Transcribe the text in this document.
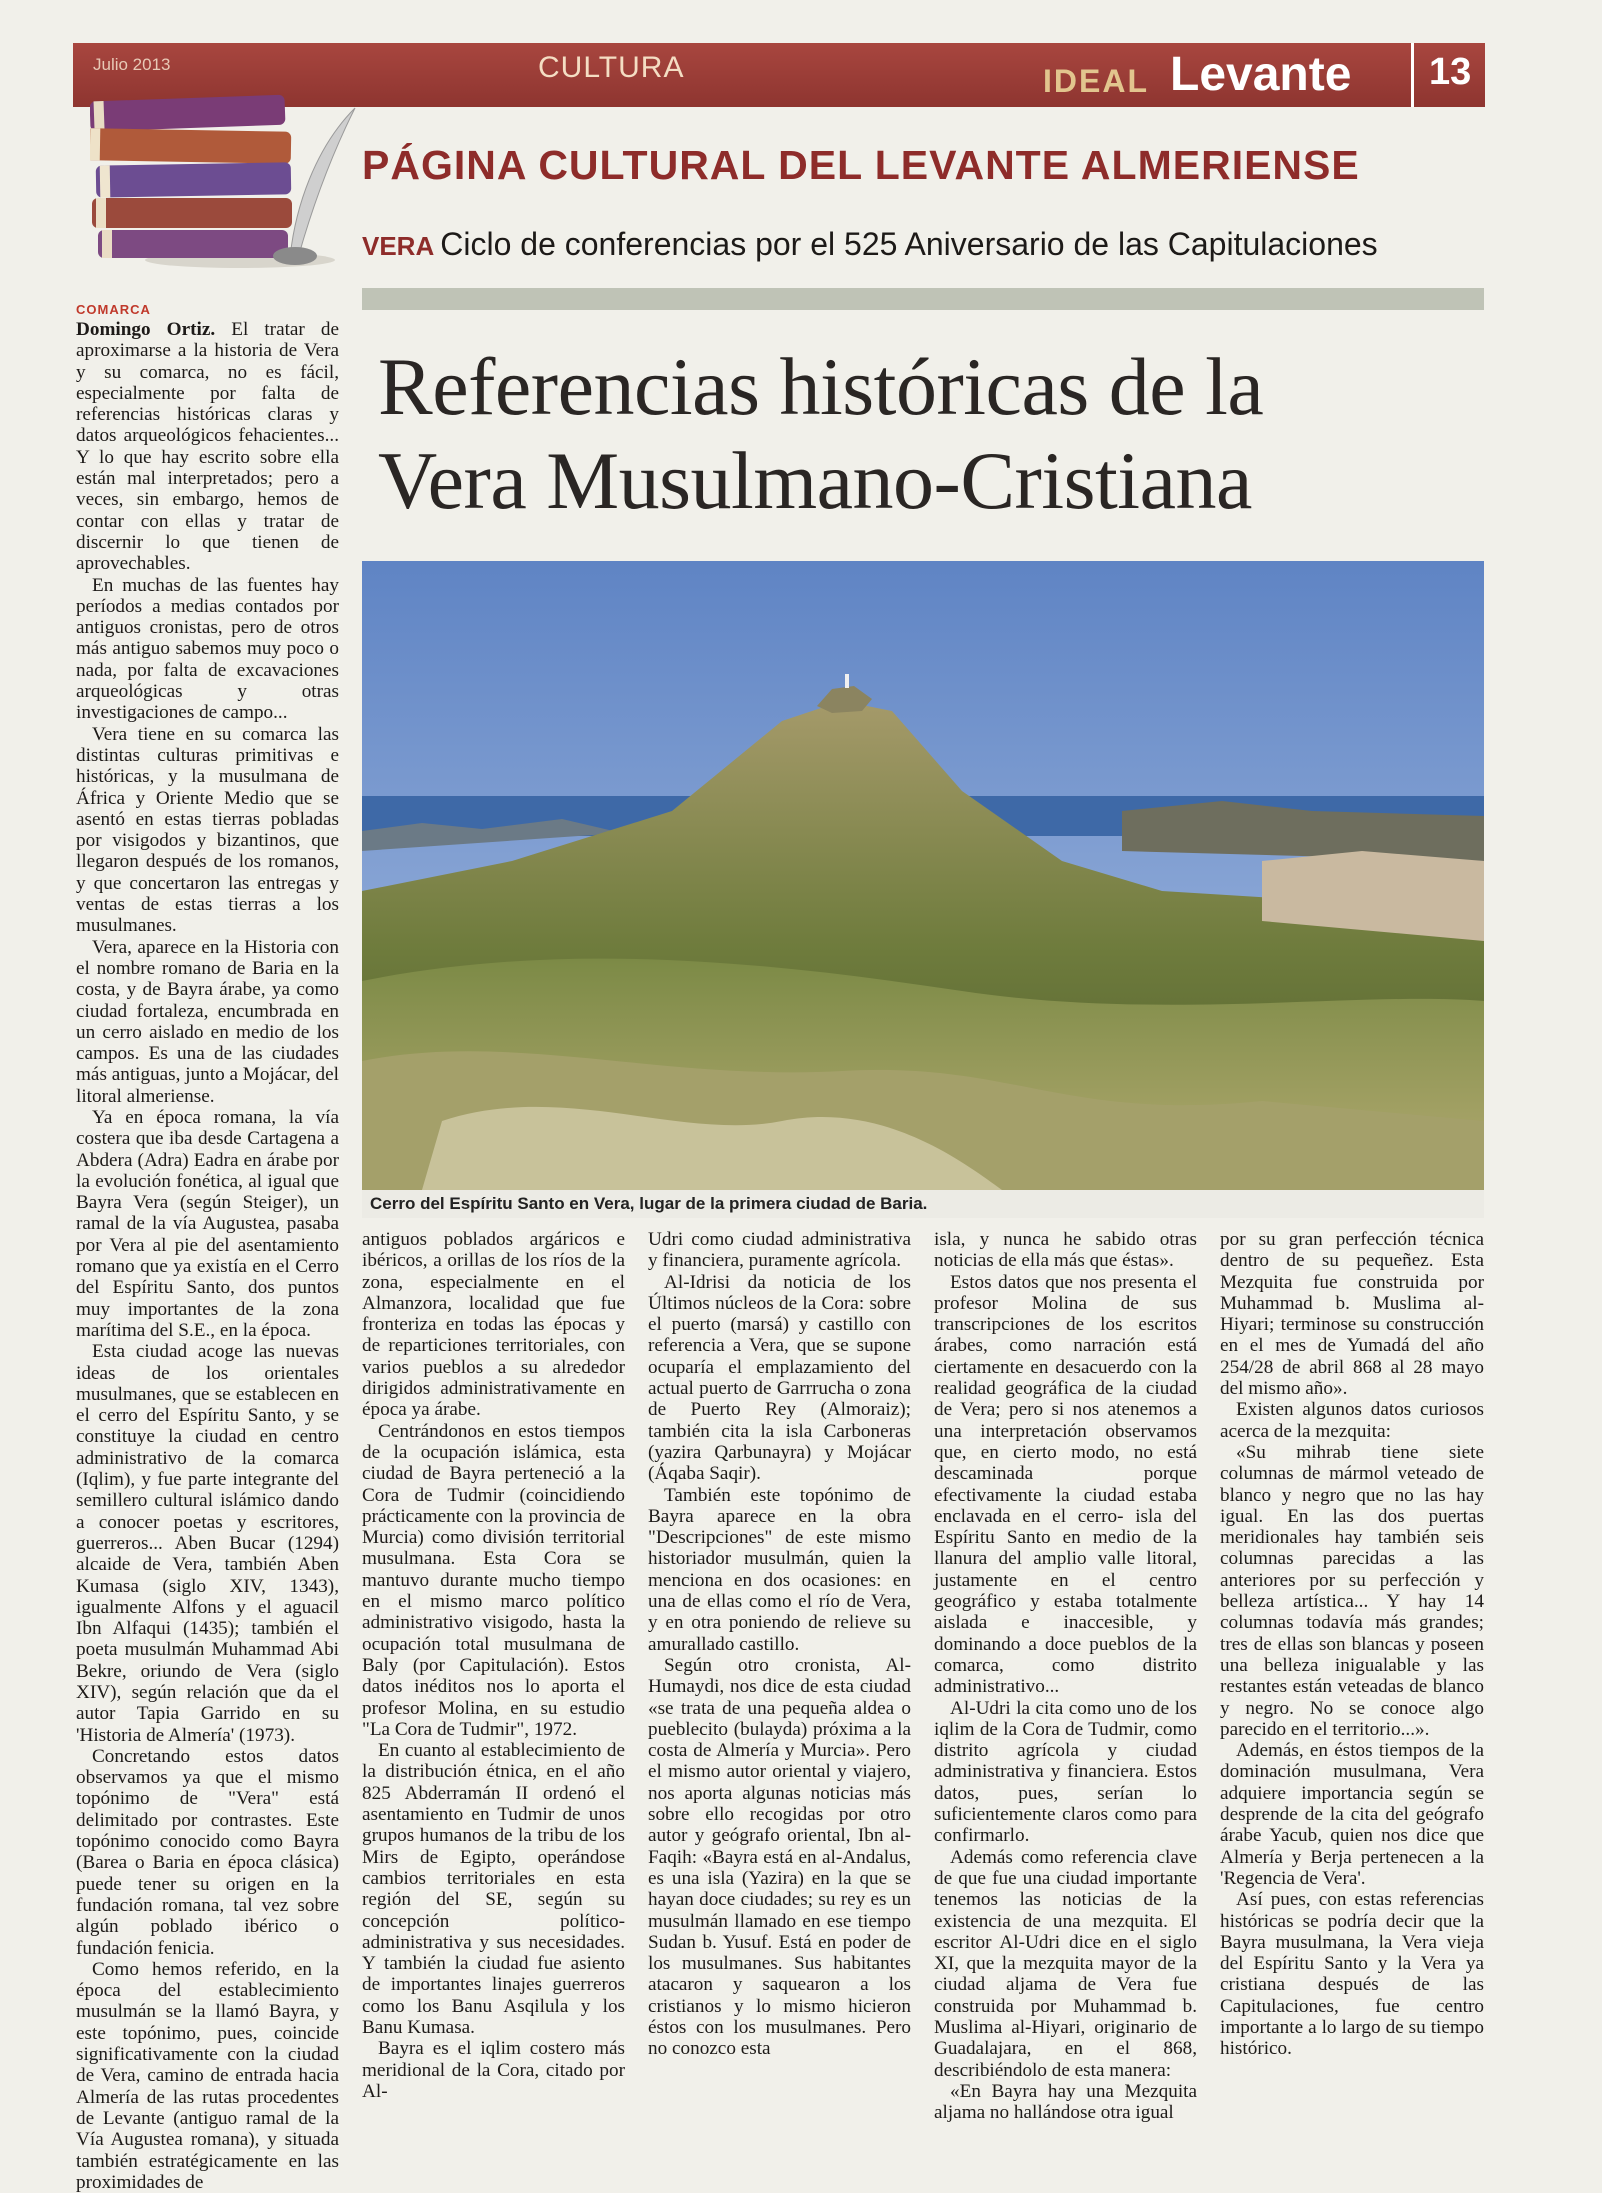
Julio 2013	CULTURA	IDEAL Levante 13
PÁGINA CULTURAL DEL LEVANTE ALMERIENSE
VERA Ciclo de conferencias por el 525 Aniversario de las Capitulaciones
COMARCA
Referencias históricas de la
Vera Musulmano-Cristiana
Cerro del Espíritu Santo en Vera, lugar de la primera ciudad de Baria.

Domingo Ortiz. El tratar de aproximarse a la historia de Vera y su comarca, no es fácil, especialmente por falta de referencias históricas claras y datos arqueológicos fehacientes... Y lo que hay escrito sobre ella están mal interpretados; pero a veces, sin embargo, hemos de contar con ellas y tratar de discernir lo que tienen de aprovechables.

En muchas de las fuentes hay períodos a medias contados por antiguos cronistas, pero de otros más antiguo sabemos muy poco o nada, por falta de excavaciones arqueológicas y otras investigaciones de campo...

Vera tiene en su comarca las distintas culturas primitivas e históricas, y la musulmana de África y Oriente Medio que se asentó en estas tierras pobladas por visigodos y bizantinos, que llegaron después de los romanos, y que concertaron las entregas y ventas de estas tierras a los musulmanes.

Vera, aparece en la Historia con el nombre romano de Baria en la costa, y de Bayra árabe, ya como ciudad fortaleza, encumbrada en un cerro aislado en medio de los campos. Es una de las ciudades más antiguas, junto a Mojácar, del litoral almeriense.

Ya en época romana, la vía costera que iba desde Cartagena a Abdera (Adra) Eadra en árabe por la evolución fonética, al igual que Bayra Vera (según Steiger), un ramal de la vía Augustea, pasaba por Vera al pie del asentamiento romano que ya existía en el Cerro del Espíritu Santo, dos puntos muy importantes de la zona marítima del S.E., en la época.

Esta ciudad acoge las nuevas ideas de los orientales musulmanes, que se establecen en el cerro del Espíritu Santo, y se constituye la ciudad en centro administrativo de la comarca (Iqlim), y fue parte integrante del semillero cultural islámico dando a conocer poetas y escritores, guerreros... Aben Bucar (1294) alcaide de Vera, también Aben Kumasa (siglo XIV, 1343), igualmente Alfons y el aguacil Ibn Alfaqui (1435); también el poeta musulmán Muhammad Abi Bekre, oriundo de Vera (siglo XIV), según relación que da el autor Tapia Garrido en su 'Historia de Almería' (1973).

Concretando estos datos observamos ya que el mismo topónimo de "Vera" está delimitado por contrastes. Este topónimo conocido como Bayra (Barea o Baria en época clásica) puede tener su origen en la fundación romana, tal vez sobre algún poblado ibérico o fundación fenicia.

Como hemos referido, en la época del establecimiento musulmán se la llamó Bayra, y este topónimo, pues, coincide significativamente con la ciudad de Vera, camino de entrada hacia Almería de las rutas procedentes de Levante (antiguo ramal de la Vía Augustea romana), y situada también estratégicamente en las proximidades de

antiguos poblados argáricos e ibéricos, a orillas de los ríos de la zona, especialmente en el Almanzora, localidad que fue fronteriza en todas las épocas y de reparticiones territoriales, con varios pueblos a su alrededor dirigidos administrativamente en época ya árabe.

Centrándonos en estos tiempos de la ocupación islámica, esta ciudad de Bayra perteneció a la Cora de Tudmir (coincidiendo prácticamente con la provincia de Murcia) como división territorial musulmana. Esta Cora se mantuvo durante mucho tiempo en el mismo marco político administrativo visigodo, hasta la ocupación total musulmana de Baly (por Capitulación). Estos datos inéditos nos lo aporta el profesor Molina, en su estudio "La Cora de Tudmir", 1972.

En cuanto al establecimiento de la distribución étnica, en el año 825 Abderramán II ordenó el asentamiento en Tudmir de unos grupos humanos de la tribu de los Mirs de Egipto, operándose cambios territoriales en esta región del SE, según su concepción político- administrativa y sus necesidades. Y también la ciudad fue asiento de importantes linajes guerreros como los Banu Asqilula y los Banu Kumasa.

Bayra es el iqlim costero más meridional de la Cora, citado por Al-

Udri como ciudad administrativa y financiera, puramente agrícola.

Al-Idrisi da noticia de los Últimos núcleos de la Cora: sobre el puerto (marsá) y castillo con referencia a Vera, que se supone ocuparía el emplazamiento del actual puerto de Garrrucha o zona de Puerto Rey (Almoraiz); también cita la isla Carboneras (yazira Qarbunayra) y Mojácar (Áqaba Saqir).

También este topónimo de Bayra aparece en la obra "Descripciones" de este mismo historiador musulmán, quien la menciona en dos ocasiones: en una de ellas como el río de Vera, y en otra poniendo de relieve su amurallado castillo.

Según otro cronista, Al-Humaydi, nos dice de esta ciudad «se trata de una pequeña aldea o pueblecito (bulayda) próxima a la costa de Almería y Murcia». Pero el mismo autor oriental y viajero, nos aporta algunas noticias más sobre ello recogidas por otro autor y geógrafo oriental, Ibn al-Faqih: «Bayra está en al-Andalus, es una isla (Yazira) en la que se hayan doce ciudades; su rey es un musulmán llamado en ese tiempo Sudan b. Yusuf. Está en poder de los musulmanes. Sus habitantes atacaron y saquearon a los cristianos y lo mismo hicieron éstos con los musulmanes. Pero no conozco esta

isla, y nunca he sabido otras noticias de ella más que éstas».

Estos datos que nos presenta el profesor Molina de sus transcripciones de los escritos árabes, como narración está ciertamente en desacuerdo con la realidad geográfica de la ciudad de Vera; pero si nos atenemos a una interpretación observamos que, en cierto modo, no está descaminada porque efectivamente la ciudad estaba enclavada en el cerro- isla del Espíritu Santo en medio de la llanura del amplio valle litoral, justamente en el centro geográfico y estaba totalmente aislada e inaccesible, y dominando a doce pueblos de la comarca, como distrito administrativo...

Al-Udri la cita como uno de los iqlim de la Cora de Tudmir, como distrito agrícola y ciudad administrativa y financiera. Estos datos, pues, serían lo suficientemente claros como para confirmarlo.

Además como referencia clave de que fue una ciudad importante tenemos las noticias de la existencia de una mezquita. El escritor Al-Udri dice en el siglo XI, que la mezquita mayor de la ciudad aljama de Vera fue construida por Muhammad b. Muslima al-Hiyari, originario de Guadalajara, en el 868, describiéndolo de esta manera:

«En Bayra hay una Mezquita aljama no hallándose otra igual

por su gran perfección técnica dentro de su pequeñez. Esta Mezquita fue construida por Muhammad b. Muslima al-Hiyari; terminose su construcción en el mes de Yumadá del año 254/28 de abril 868 al 28 mayo del mismo año».

Existen algunos datos curiosos acerca de la mezquita:

«Su mihrab tiene siete columnas de mármol veteado de blanco y negro que no las hay igual. En las dos puertas meridionales hay también seis columnas parecidas a las anteriores por su perfección y belleza artística... Y hay 14 columnas todavía más grandes; tres de ellas son blancas y poseen una belleza inigualable y las restantes están veteadas de blanco y negro. No se conoce algo parecido en el territorio...».

Además, en éstos tiempos de la dominación musulmana, Vera adquiere importancia según se desprende de la cita del geógrafo árabe Yacub, quien nos dice que Almería y Berja pertenecen a la 'Regencia de Vera'.

Así pues, con estas referencias históricas se podría decir que la Bayra musulmana, la Vera vieja del Espíritu Santo y la Vera ya cristiana después de las Capitulaciones, fue centro importante a lo largo de su tiempo histórico.
